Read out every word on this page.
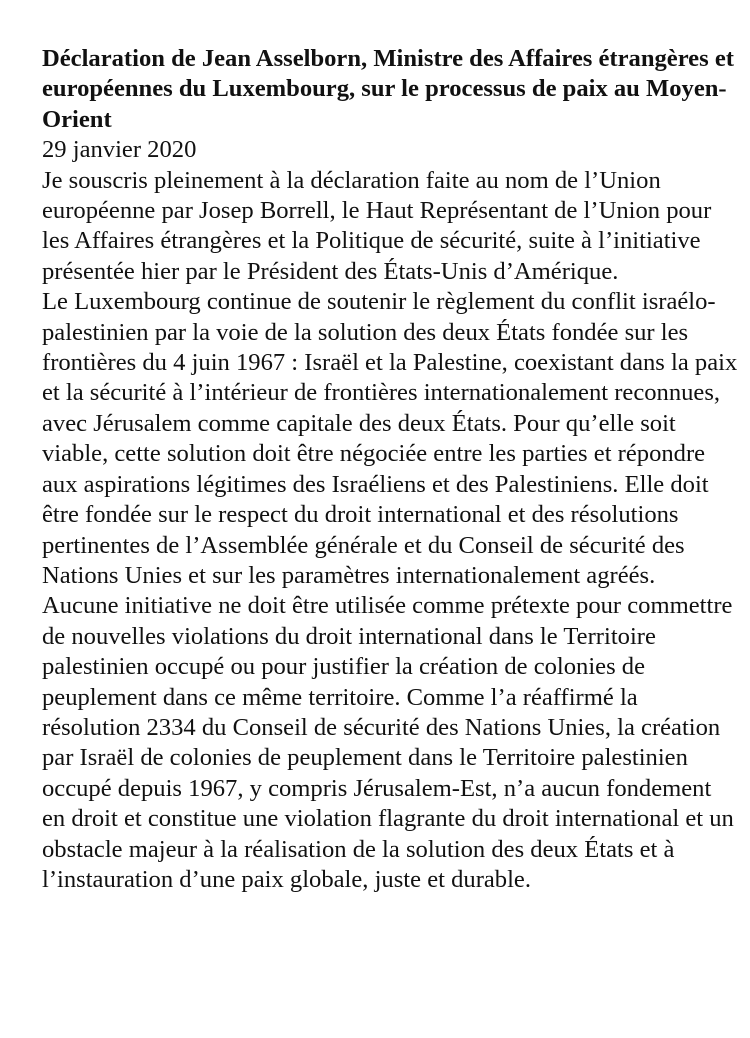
Déclaration de Jean Asselborn, Ministre des Affaires étrangères et européennes du Luxembourg, sur le processus de paix au Moyen-Orient

29 janvier 2020

Je souscris pleinement à la déclaration faite au nom de l’Union européenne par Josep Borrell, le Haut Représentant de l’Union pour les Affaires étrangères et la Politique de sécurité, suite à l’initiative présentée hier par le Président des États-Unis d’Amérique.

Le Luxembourg continue de soutenir le règlement du conflit israélo-palestinien par la voie de la solution des deux États fondée sur les frontières du 4 juin 1967 : Israël et la Palestine, coexistant dans la paix et la sécurité à l’intérieur de frontières internationalement reconnues, avec Jérusalem comme capitale des deux États. Pour qu’elle soit viable, cette solution doit être négociée entre les parties et répondre aux aspirations légitimes des Israéliens et des Palestiniens. Elle doit être fondée sur le respect du droit international et des résolutions pertinentes de l’Assemblée générale et du Conseil de sécurité des Nations Unies et sur les paramètres internationalement agréés.

Aucune initiative ne doit être utilisée comme prétexte pour commettre de nouvelles violations du droit international dans le Territoire palestinien occupé ou pour justifier la création de colonies de peuplement dans ce même territoire. Comme l’a réaffirmé la résolution 2334 du Conseil de sécurité des Nations Unies, la création par Israël de colonies de peuplement dans le Territoire palestinien occupé depuis 1967, y compris Jérusalem-Est, n’a aucun fondement en droit et constitue une violation flagrante du droit international et un obstacle majeur à la réalisation de la solution des deux États et à l’instauration d’une paix globale, juste et durable.
